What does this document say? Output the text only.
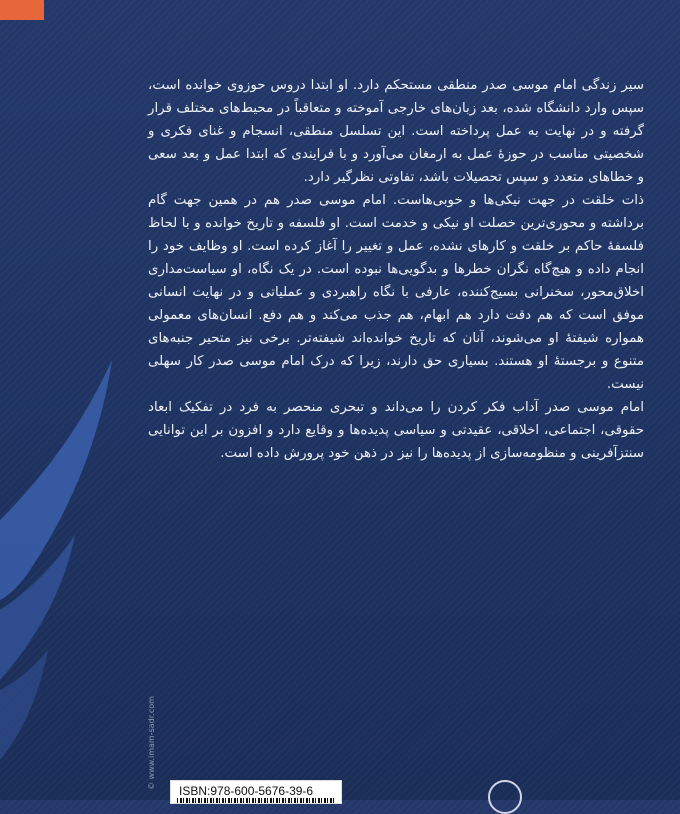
سیر زندگی امام موسی صدر منطقی مستحکم دارد. او ابتدا دروس حوزوی خوانده است، سپس وارد دانشگاه شده، بعد زبان‌های خارجی آموخته و متعاقباً در محیط‌های مختلف قرار گرفته و در نهایت به عمل پرداخته است. این تسلسل منطقی، انسجام و غنای فکری و شخصیتی مناسب در حوزهٔ عمل به ارمغان می‌آورد و با فرایندی که ابتدا عمل و بعد سعی و خطاهای متعدد و سپس تحصیلات باشد، تفاوتی نظرگیر دارد.

ذات خلقت در جهت نیکی‌ها و خوبی‌هاست. امام موسی صدر هم در همین جهت گام برداشته و محوری‌ترین خصلت او نیکی و خدمت است. او فلسفه و تاریخ خوانده و با لحاظ فلسفهٔ حاکم بر خلقت و کارهای نشده، عمل و تغییر را آغاز کرده است. او وظایف خود را انجام داده و هیچ‌گاه نگران خطرها و بدگویی‌ها نبوده است. در یک نگاه، او سیاست‌مداری اخلاق‌محور، سخنرانی بسیج‌کننده، عارفی با نگاه راهبردی و عملیاتی و در نهایت انسانی موفق است که هم دقت دارد هم ابهام، هم جذب می‌کند و هم دفع. انسان‌های معمولی همواره شیفتهٔ او می‌شوند، آنان که تاریخ خوانده‌اند شیفته‌تر. برخی نیز متحیر جنبه‌های متنوع و برجستهٔ او هستند. بسیاری حق دارند، زیرا که درک امام موسی صدر کار سهلی نیست.

امام موسی صدر آداب فکر کردن را می‌داند و تبحری منحصر به فرد در تفکیک ابعاد حقوقی، اجتماعی، اخلاقی، عقیدتی و سیاسی پدیده‌ها و وقایع دارد و افزون بر این توانایی سنتزآفرینی و منظومه‌سازی از پدیده‌ها را نیز در ذهن خود پرورش داده است.

© www.imam-sadr.com
ISBN:978-600-5676-39-6
